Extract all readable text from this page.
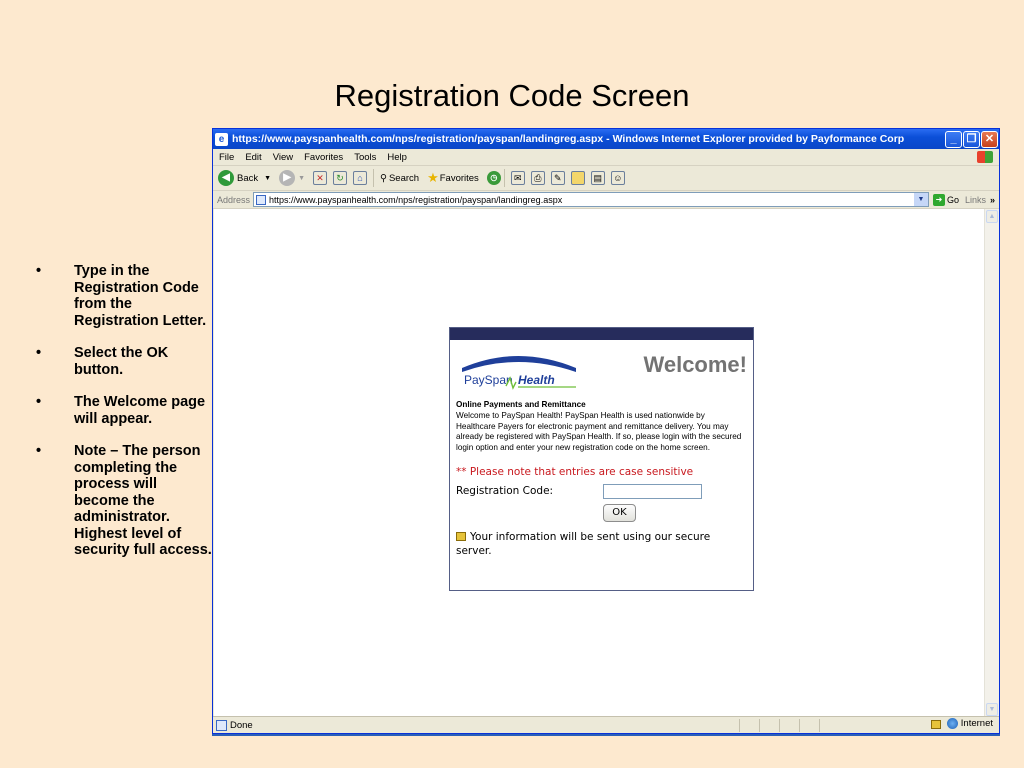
Registration Code Screen
• Type in the Registration Code from the Registration Letter.
• Select the OK button.
• The Welcome page will appear.
• Note – The person completing the process will become the administrator. Highest level of security full access.
e https://www.payspanhealth.com/nps/registration/payspan/landingreg.aspx - Windows Internet Explorer provided by Payformance Corp	_ ❐ ✕
File Edit View Favorites Tools Help
◀ Back ▼	▶	▼	✕	↻	⌂	⚲ Search ★ Favorites	◷	✉	⎙	✎	▤	☺
Address https://www.payspanhealth.com/nps/registration/payspan/landingreg.aspx	▼	➜ Go Links »
PaySpan Health
Welcome!
Online Payments and Remittance

Welcome to PaySpan Health! PaySpan Health is used nationwide by Healthcare Payers for electronic payment and remittance delivery. You may already be registered with PaySpan Health. If so, please login with the secured login option and enter your new registration code on the home screen.

** Please note that entries are case sensitive
Registration Code:
OK
Your information will be sent using our secure server.
▲
▼
Done	Internet
